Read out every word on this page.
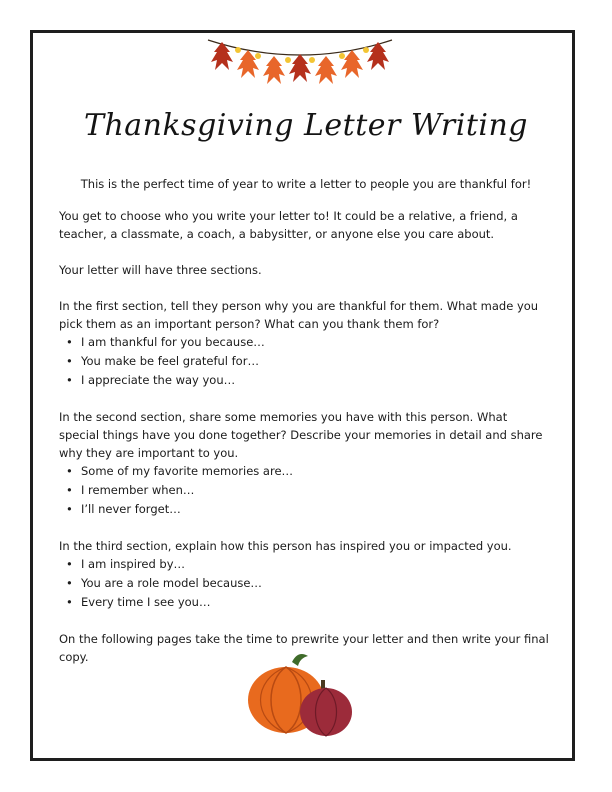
Thanksgiving Letter Writing
This is the perfect time of year to write a letter to people you are thankful for!

You get to choose who you write your letter to! It could be a relative, a friend, a teacher, a classmate, a coach, a babysitter, or anyone else you care about.

Your letter will have three sections.

In the first section, tell they person why you are thankful for them. What made you pick them as an important person? What can you thank them for?

• I am thankful for you because…
• You make be feel grateful for…
• I appreciate the way you…

In the second section, share some memories you have with this person. What special things have you done together? Describe your memories in detail and share why they are important to you.

• Some of my favorite memories are…
• I remember when…
• I’ll never forget…

In the third section, explain how this person has inspired you or impacted you.

• I am inspired by…
• You are a role model because…
• Every time I see you…

On the following pages take the time to prewrite your letter and then write your final copy.
